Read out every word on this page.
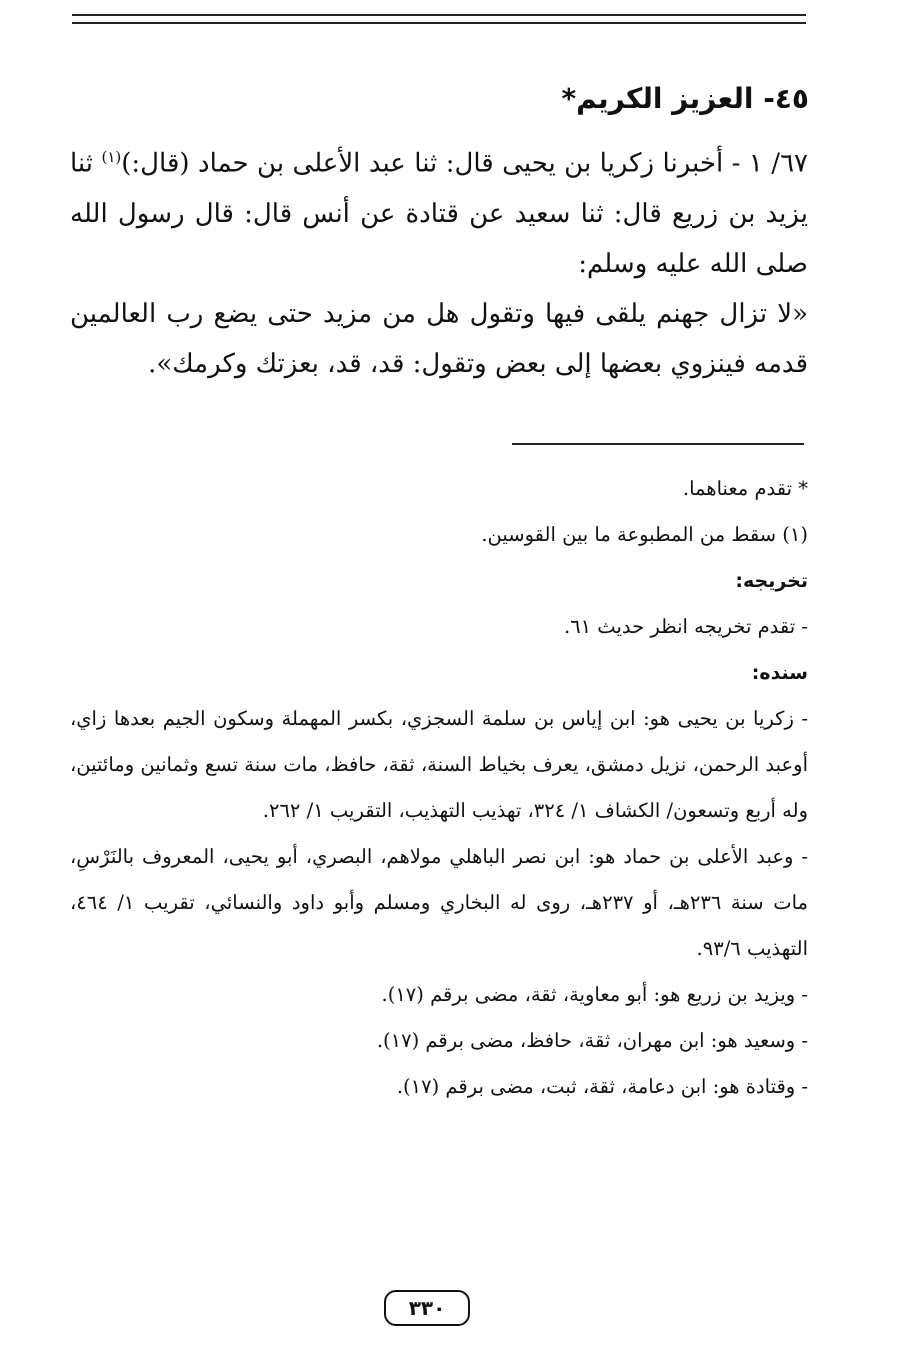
٤٥- العزيز الكريم*

٦٧/ ١ - أخبرنا زكريا بن يحيى قال: ثنا عبد الأعلى بن حماد (قال:)$^{(١)}$ ثنا يزيد بن زريع قال: ثنا سعيد عن قتادة عن أنس قال: قال رسول الله صلى الله عليه وسلم:

«لا تزال جهنم يلقى فيها وتقول هل من مزيد حتى يضع رب العالمين قدمه فينزوي بعضها إلى بعض وتقول: قد، قد، بعزتك وكرمك».

* تقدم معناهما.

(١) سقط من المطبوعة ما بين القوسين.

تخريجه:

- تقدم تخريجه انظر حديث ٦١.

سنده:

- زكريا بن يحيى هو: ابن إياس بن سلمة السجزي، بكسر المهملة وسكون الجيم بعدها زاي، أوعبد الرحمن، نزيل دمشق، يعرف بخياط السنة، ثقة، حافظ، مات سنة تسع وثمانين ومائتين، وله أربع وتسعون/ الكشاف ١/ ٣٢٤، تهذيب التهذيب، التقريب ١/ ٢٦٢.

- وعبد الأعلى بن حماد هو: ابن نصر الباهلي مولاهم، البصري، أبو يحيى، المعروف بالنَرْسِ، مات سنة ٢٣٦هـ، أو ٢٣٧هـ، روى له البخاري ومسلم وأبو داود والنسائي، تقريب ١/ ٤٦٤، التهذيب ٩٣/٦.

- ويزيد بن زريع هو: أبو معاوية، ثقة، مضى برقم (١٧).

- وسعيد هو: ابن مهران، ثقة، حافظ، مضى برقم (١٧).

- وقتادة هو: ابن دعامة، ثقة، ثبت، مضى برقم (١٧).

٣٣٠
